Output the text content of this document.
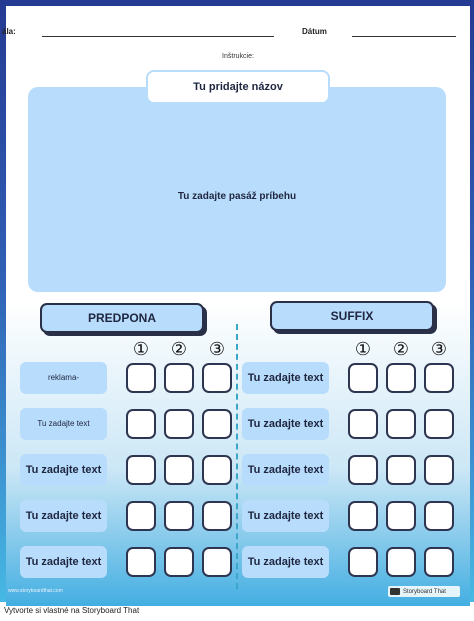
ála:	Dátum
Inštrukcie:
Tu zadajte pasáž príbehu
Tu pridajte názov
PREDPONA	SUFFIX
① ② ③	① ② ③
reklama-	Tu zadajte text
Tu zadajte text	Tu zadajte text
Tu zadajte text	Tu zadajte text
Tu zadajte text	Tu zadajte text
Tu zadajte text	Tu zadajte text
www.storyboardthat.com	Storyboard That
Vytvorte si vlastné na Storyboard That
